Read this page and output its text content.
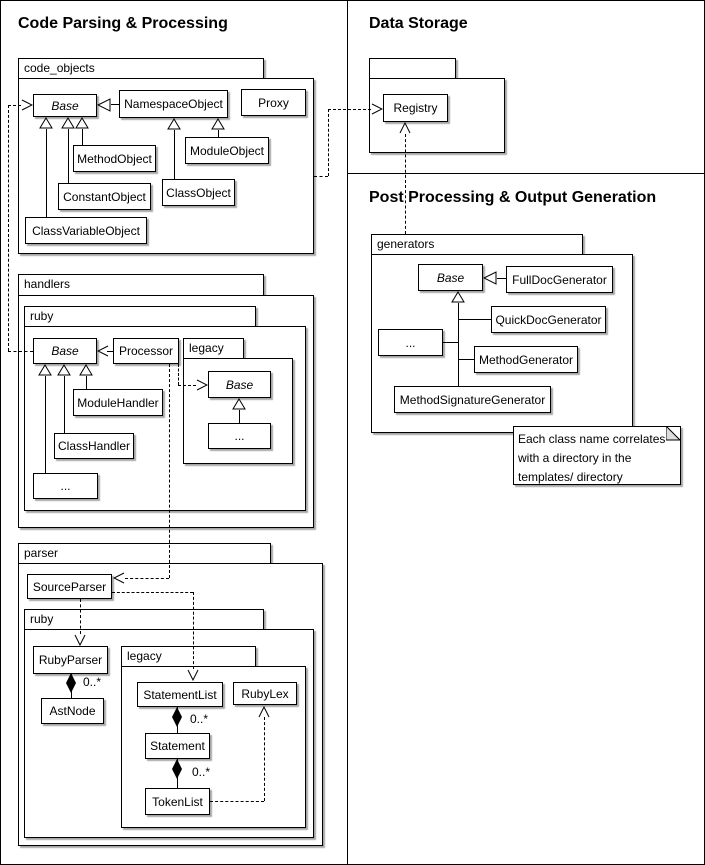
Code Parsing & Processing	Data Storage
Post Processing & Output Generation
code_objects
handlers
ruby
legacy
parser
ruby
legacy
generators
Base	NamespaceObject	Proxy
MethodObject
ModuleObject
ConstantObject ClassObject
ClassVariableObject
Base	Processor
ModuleHandler
ClassHandler
...
Base
...
SourceParser
RubyParser
AstNode
StatementList RubyLex
Statement
TokenList
Registry
Base	FullDocGenerator
QuickDocGenerator
...
MethodGenerator
MethodSignatureGenerator
0..*
0..*
0..*
Each class name correlates
with a directory in the
templates/ directory
